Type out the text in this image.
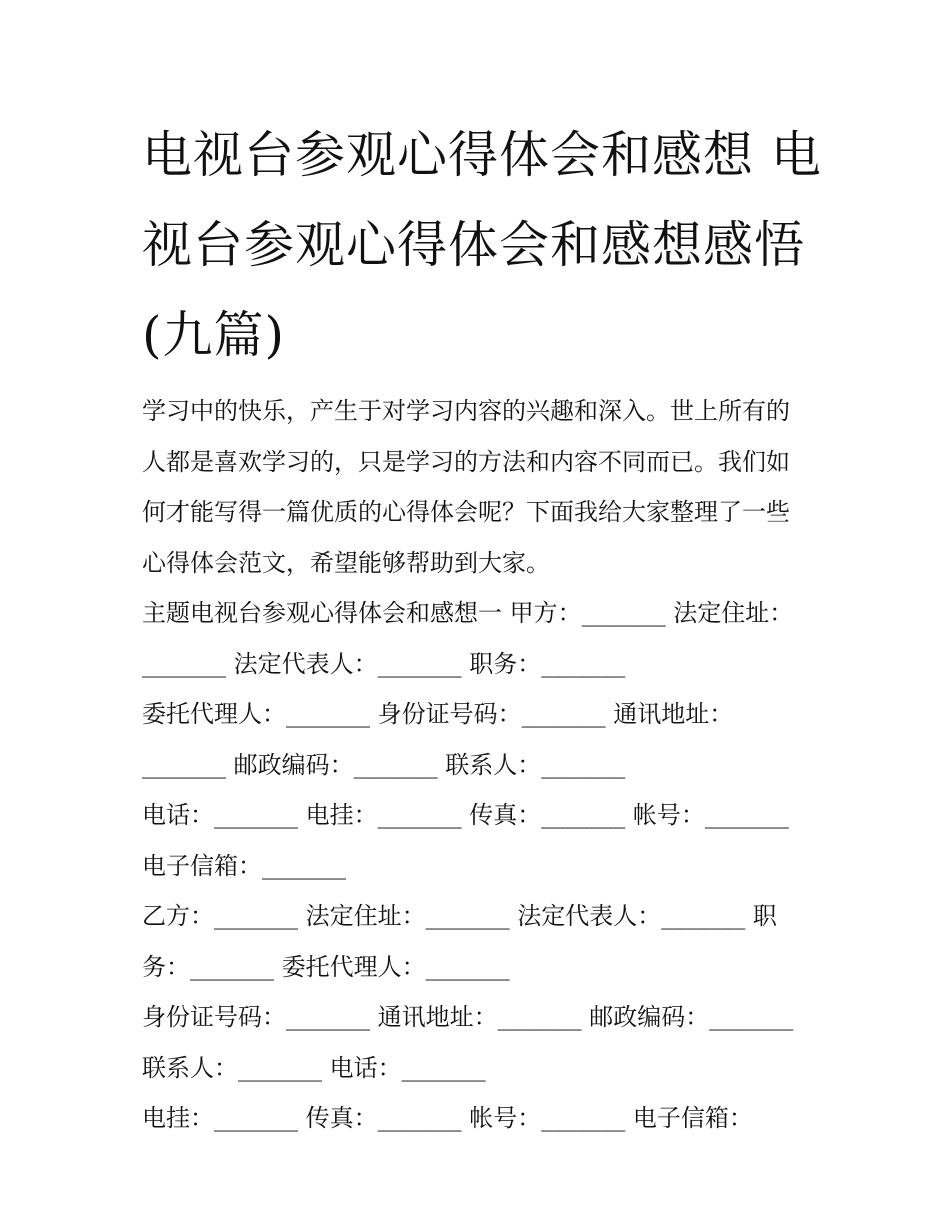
电视台参观心得体会和感想 电
视台参观心得体会和感想感悟
(九篇)
学习中的快乐，产生于对学习内容的兴趣和深入。世上所有的
人都是喜欢学习的，只是学习的方法和内容不同而已。我们如
何才能写得一篇优质的心得体会呢？下面我给大家整理了一些
心得体会范文，希望能够帮助到大家。
主题电视台参观心得体会和感想一 甲方：_______ 法定住址：
_______ 法定代表人：_______ 职务：_______
委托代理人：_______ 身份证号码：_______ 通讯地址：
_______ 邮政编码：_______ 联系人：_______
电话：_______ 电挂：_______ 传真：_______ 帐号：_______
电子信箱：_______
乙方：_______ 法定住址：_______ 法定代表人：_______ 职
务：_______ 委托代理人：_______
身份证号码：_______ 通讯地址：_______ 邮政编码：_______
联系人：_______ 电话：_______
电挂：_______ 传真：_______ 帐号：_______ 电子信箱：
